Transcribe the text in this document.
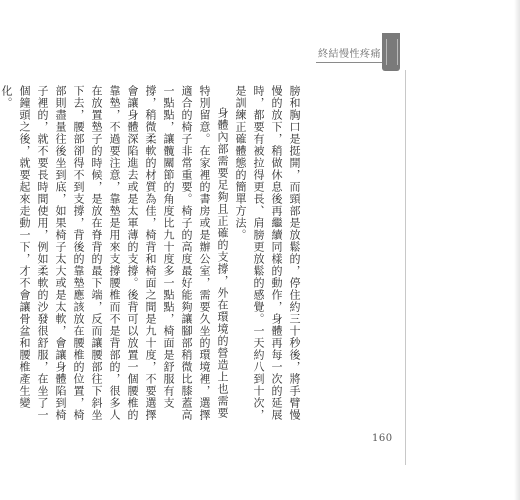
終結慢性疼痛

膀和胸口是挺開，而頸部是放鬆的，停住約三十秒後，將手臂慢慢的放下，稍做休息後再繼續同樣的動作，身體再每一次的延展時，都要有被拉得更長、肩膀更放鬆的感覺。一天約八到十次，是訓練正確體態的簡單方法。

身體內部需要足夠且正確的支撐，外在環境的營造上也需要特別留意。在家裡的書房或是辦公室，需要久坐的環境裡，選擇適合的椅子非常重要。椅子的高度最好能夠讓腳部稍微比膝蓋高一點點，讓髖關節的角度比九十度多一點點，椅面是舒服有支撐，稍微柔軟的材質為佳，椅背和椅面之間是九十度，不要選擇會讓身體深陷進去或是太軍薄的支撐。後背可以放置一個腰椎的靠墊，不過要注意，靠墊是用來支撐腰椎而不是背部的，很多人在放置墊子的時候，是放在脊背的最下端，反而讓腰部往下斜坐下去，腰部卻得不到支撐，背後的靠墊應該放在腰椎的位置，椅部則盡量往後坐到底，如果椅子太大或是太軟，會讓身體陷到椅子裡的，就不要長時間使用，例如柔軟的沙發很舒服，在坐了一個鐘頭之後，就要起來走動一下，才不會讓骨盆和腰椎產生變化。

160
